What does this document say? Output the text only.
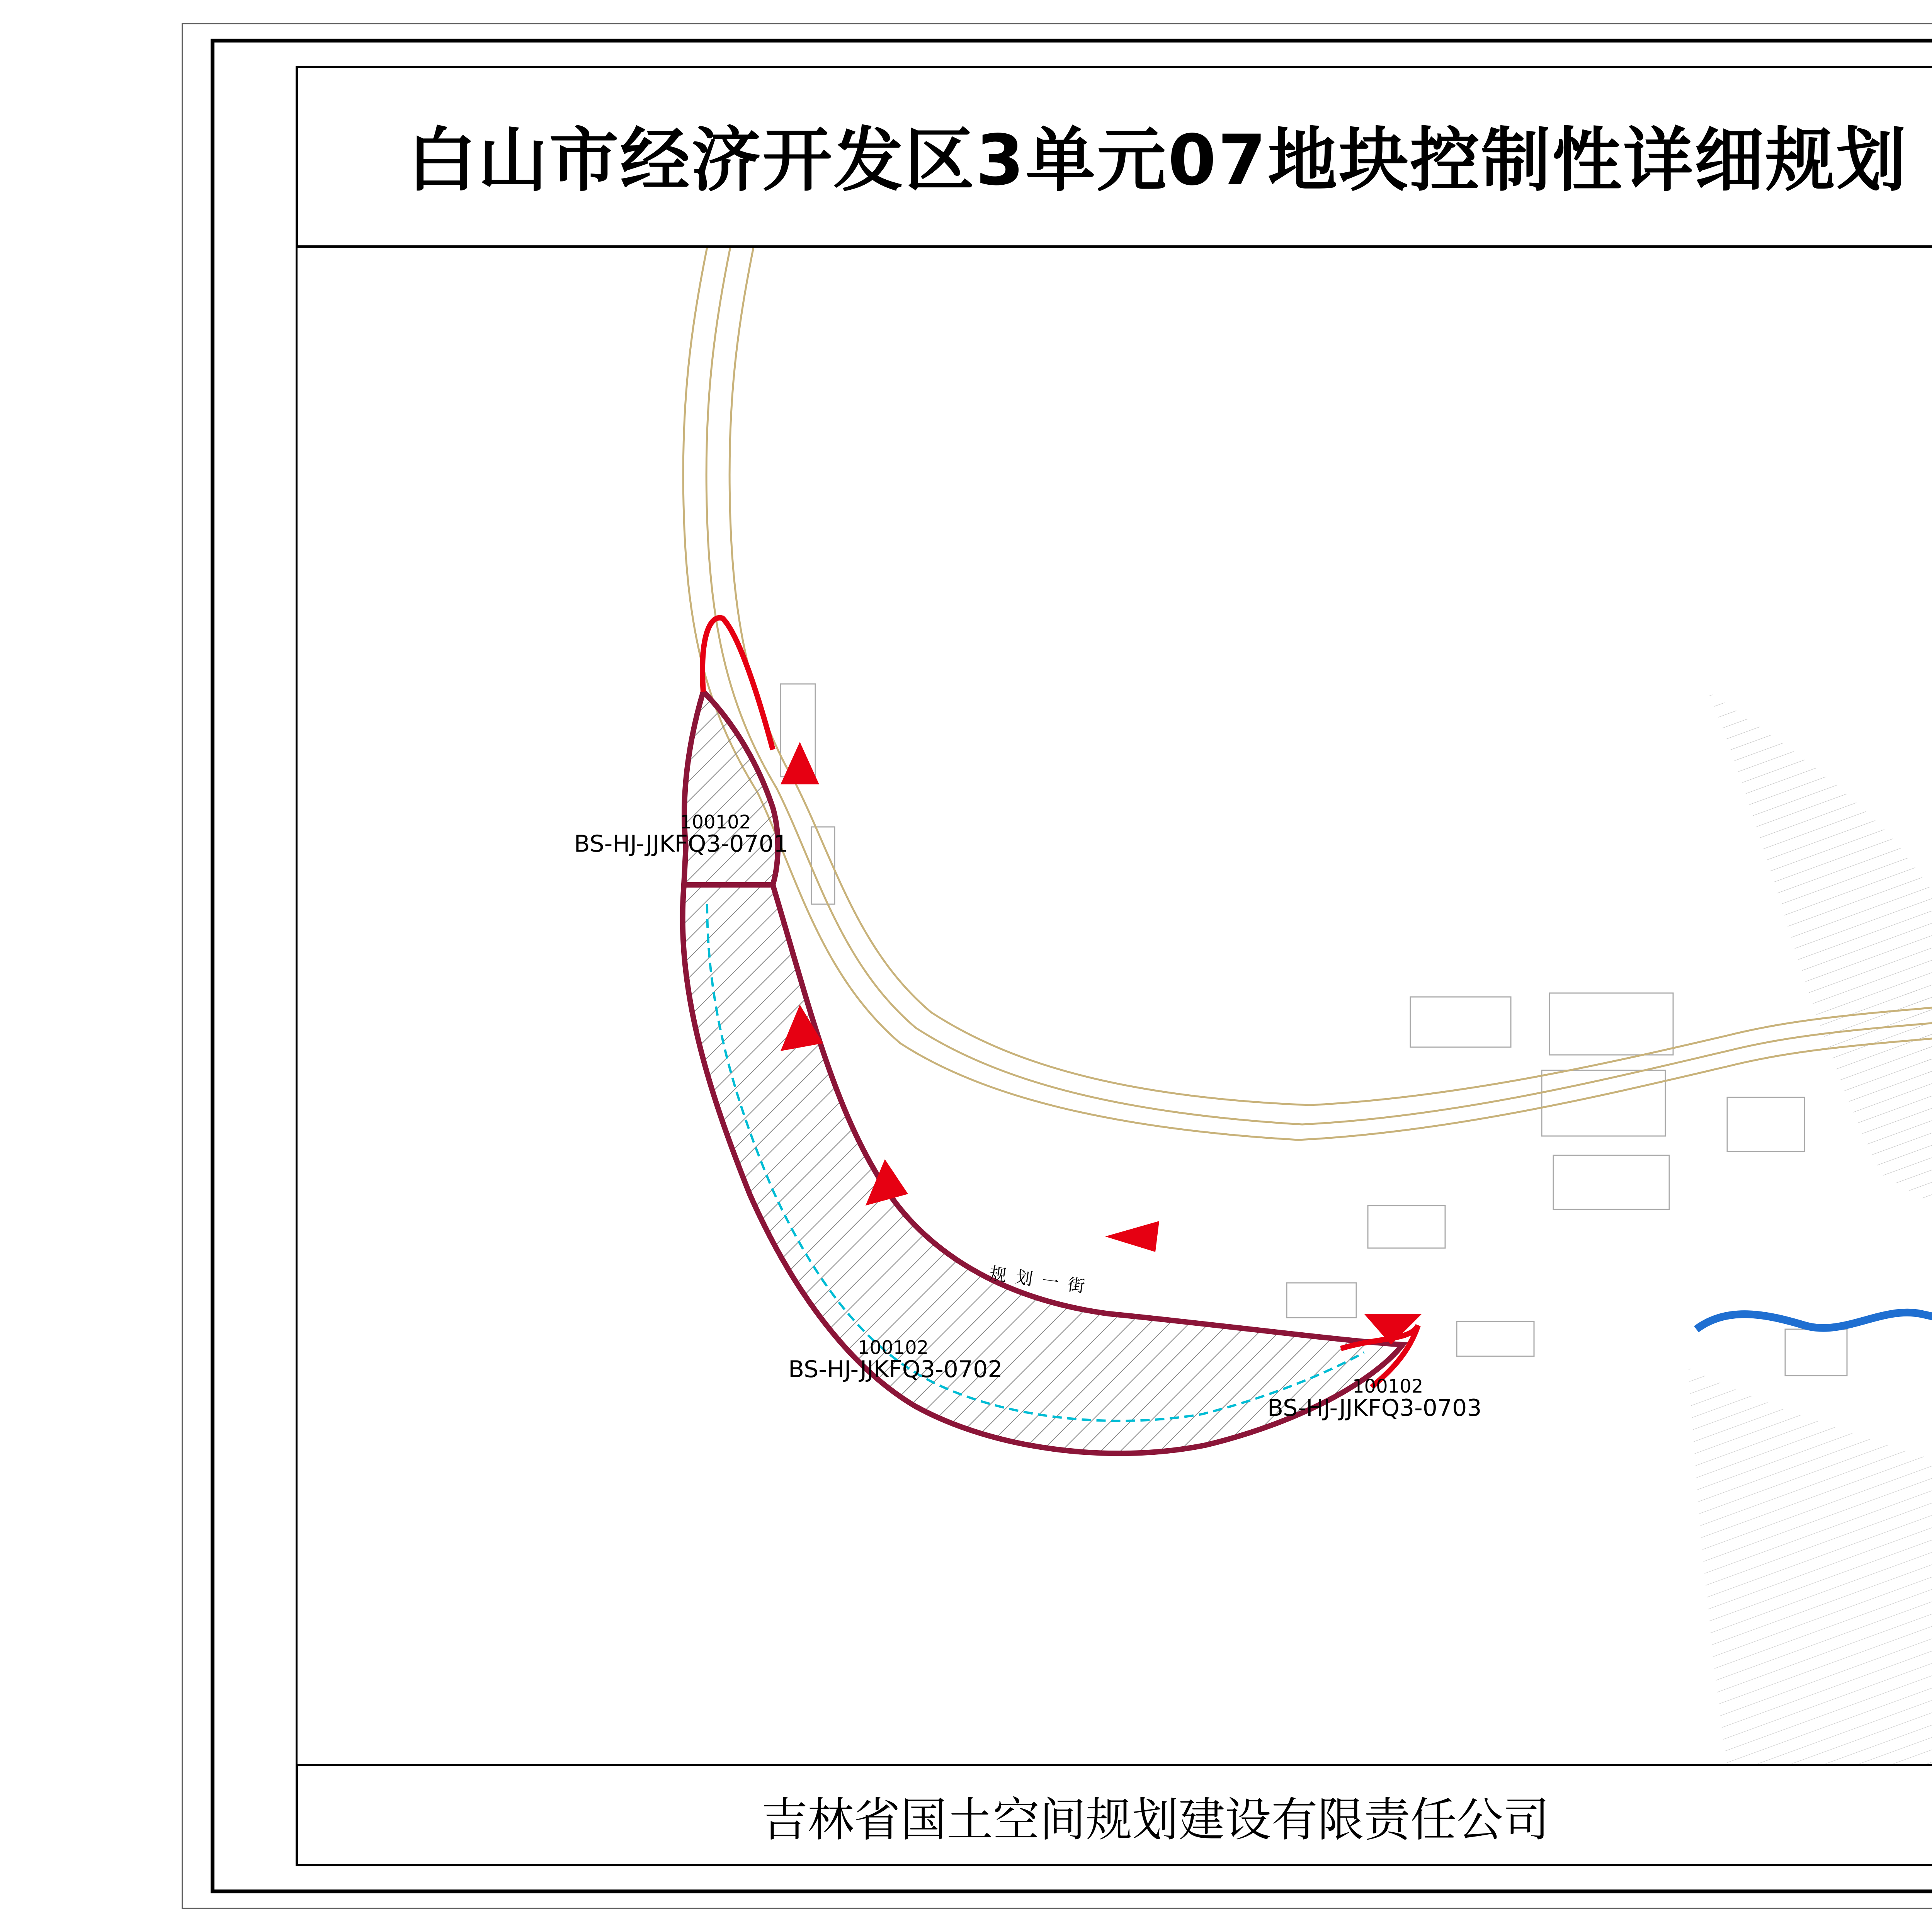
白山市经济开发区3单元07地块控制性详细规划
规划一街
100102
BS-HJ-JJKFQ3-0701
100102
BS-HJ-JJKFQ3-0702
100102
BS-HJ-JJKFQ3-0703
吉林省国土空间规划建设有限责任公司
